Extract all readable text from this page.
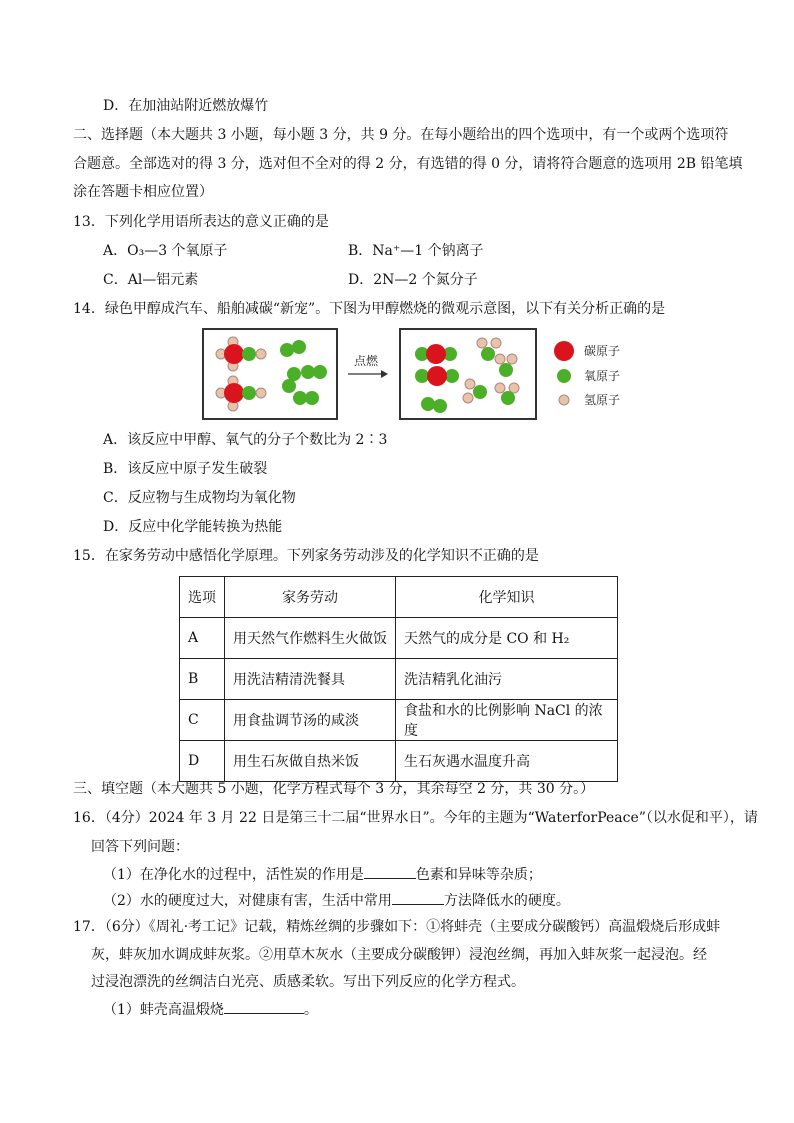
D．在加油站附近燃放爆竹
二、选择题（本大题共 3 小题，每小题 3 分，共 9 分。在每小题给出的四个选项中，有一个或两个选项符
合题意。全部选对的得 3 分，选对但不全对的得 2 分，有选错的得 0 分，请将符合题意的选项用 2B 铅笔填
涂在答题卡相应位置）
13．下列化学用语所表达的意义正确的是
A．O₃—3 个氧原子	B．Na⁺—1 个钠离子
C．Al—铝元素	D．2N—2 个氮分子
14．绿色甲醇成汽车、船舶减碳“新宠”。下图为甲醇燃烧的微观示意图，以下有关分析正确的是
点燃
碳原子
氧原子
氢原子
A．该反应中甲醇、氧气的分子个数比为 2∶3
B．该反应中原子发生破裂
C．反应物与生成物均为氧化物
D．反应中化学能转换为热能
15．在家务劳动中感悟化学原理。下列家务劳动涉及的化学知识不正确的是
选项	家务劳动	化学知识
A	用天然气作燃料生火做饭	天然气的成分是 CO 和 H₂
B	用洗洁精清洗餐具	洗洁精乳化油污
C	用食盐调节汤的咸淡	食盐和水的比例影响 NaCl 的浓度
D	用生石灰做自热米饭	生石灰遇水温度升高
三、填空题（本大题共 5 小题，化学方程式每个 3 分，其余每空 2 分，共 30 分。）
16．（4分）2024 年 3 月 22 日是第三十二届“世界水日”。今年的主题为“WaterforPeace”（以水促和平），请
回答下列问题：
（1）在净化水的过程中，活性炭的作用是	色素和异味等杂质；
（2）水的硬度过大，对健康有害，生活中常用	方法降低水的硬度。
17．（6分）《周礼·考工记》记载，精炼丝绸的步骤如下：①将蚌壳（主要成分碳酸钙）高温煅烧后形成蚌
灰，蚌灰加水调成蚌灰浆。②用草木灰水（主要成分碳酸钾）浸泡丝绸，再加入蚌灰浆一起浸泡。经
过浸泡漂洗的丝绸洁白光亮、质感柔软。写出下列反应的化学方程式。
（1）蚌壳高温煅烧	。
